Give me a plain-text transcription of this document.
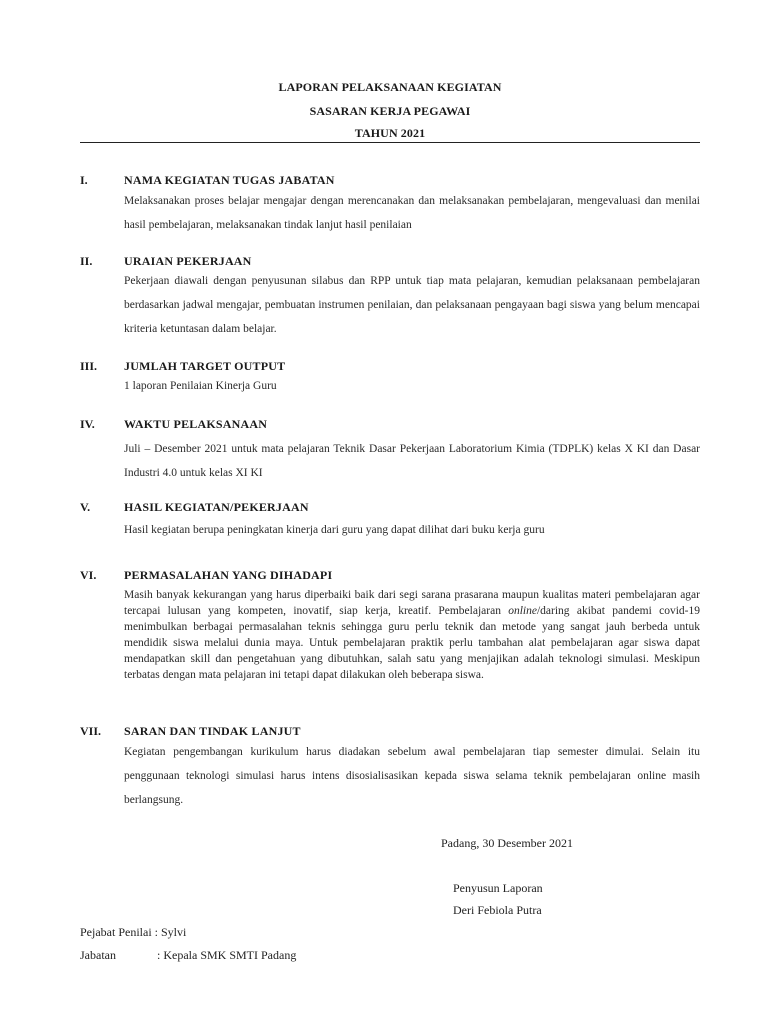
LAPORAN PELAKSANAAN KEGIATAN
SASARAN KERJA PEGAWAI
TAHUN 2021
I.	NAMA KEGIATAN TUGAS JABATAN
Melaksanakan proses belajar mengajar dengan merencanakan dan melaksanakan pembelajaran, mengevaluasi dan menilai hasil pembelajaran, melaksanakan tindak lanjut hasil penilaian
II.	URAIAN PEKERJAAN
Pekerjaan diawali dengan penyusunan silabus dan RPP untuk tiap mata pelajaran, kemudian pelaksanaan pembelajaran berdasarkan jadwal mengajar, pembuatan instrumen penilaian, dan pelaksanaan pengayaan bagi siswa yang belum mencapai kriteria ketuntasan dalam belajar.
III. JUMLAH TARGET OUTPUT
1 laporan Penilaian Kinerja Guru
IV. WAKTU PELAKSANAAN
Juli – Desember 2021 untuk mata pelajaran Teknik Dasar Pekerjaan Laboratorium Kimia (TDPLK) kelas X KI dan Dasar Industri 4.0 untuk kelas XI KI
V.	HASIL KEGIATAN/PEKERJAAN
Hasil kegiatan berupa peningkatan kinerja dari guru yang dapat dilihat dari buku kerja guru
VI. PERMASALAHAN YANG DIHADAPI
Masih banyak kekurangan yang harus diperbaiki baik dari segi sarana prasarana maupun kualitas materi pembelajaran agar tercapai lulusan yang kompeten, inovatif, siap kerja, kreatif. Pembelajaran online/daring akibat pandemi covid-19 menimbulkan berbagai permasalahan teknis sehingga guru perlu teknik dan metode yang sangat jauh berbeda untuk mendidik siswa melalui dunia maya. Untuk pembelajaran praktik perlu tambahan alat pembelajaran agar siswa dapat mendapatkan skill dan pengetahuan yang dibutuhkan, salah satu yang menjajikan adalah teknologi simulasi. Meskipun terbatas dengan mata pelajaran ini tetapi dapat dilakukan oleh beberapa siswa.
VII. SARAN DAN TINDAK LANJUT
Kegiatan pengembangan kurikulum harus diadakan sebelum awal pembelajaran tiap semester dimulai. Selain itu penggunaan teknologi simulasi harus intens disosialisasikan kepada siswa selama teknik pembelajaran online masih berlangsung.
Padang, 30 Desember 2021
Penyusun Laporan
Deri Febiola Putra
Pejabat Penilai : Sylvi
Jabatan	: Kepala SMK SMTI Padang
